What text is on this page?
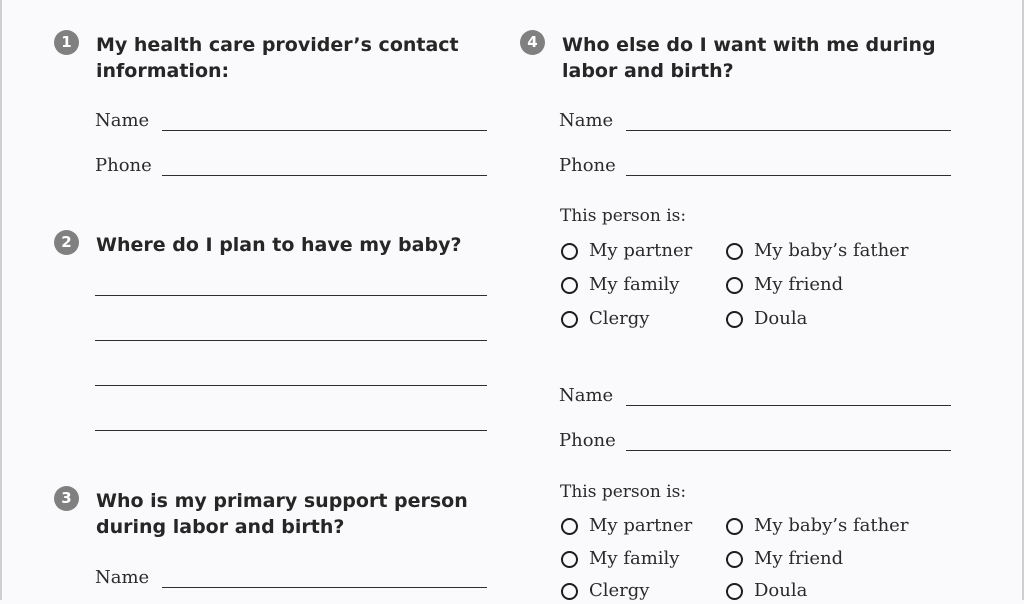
1	My health care provider’s contact information:
Name
Phone
2	Where do I plan to have my baby?
3	Who is my primary support person during labor and birth?
Name
4	Who else do I want with me during labor and birth?
Name
Phone
This person is:
My partner	My baby’s father
My family	My friend
Clergy	Doula
Name
Phone
This person is:
My partner	My baby’s father
My family	My friend
Clergy	Doula
